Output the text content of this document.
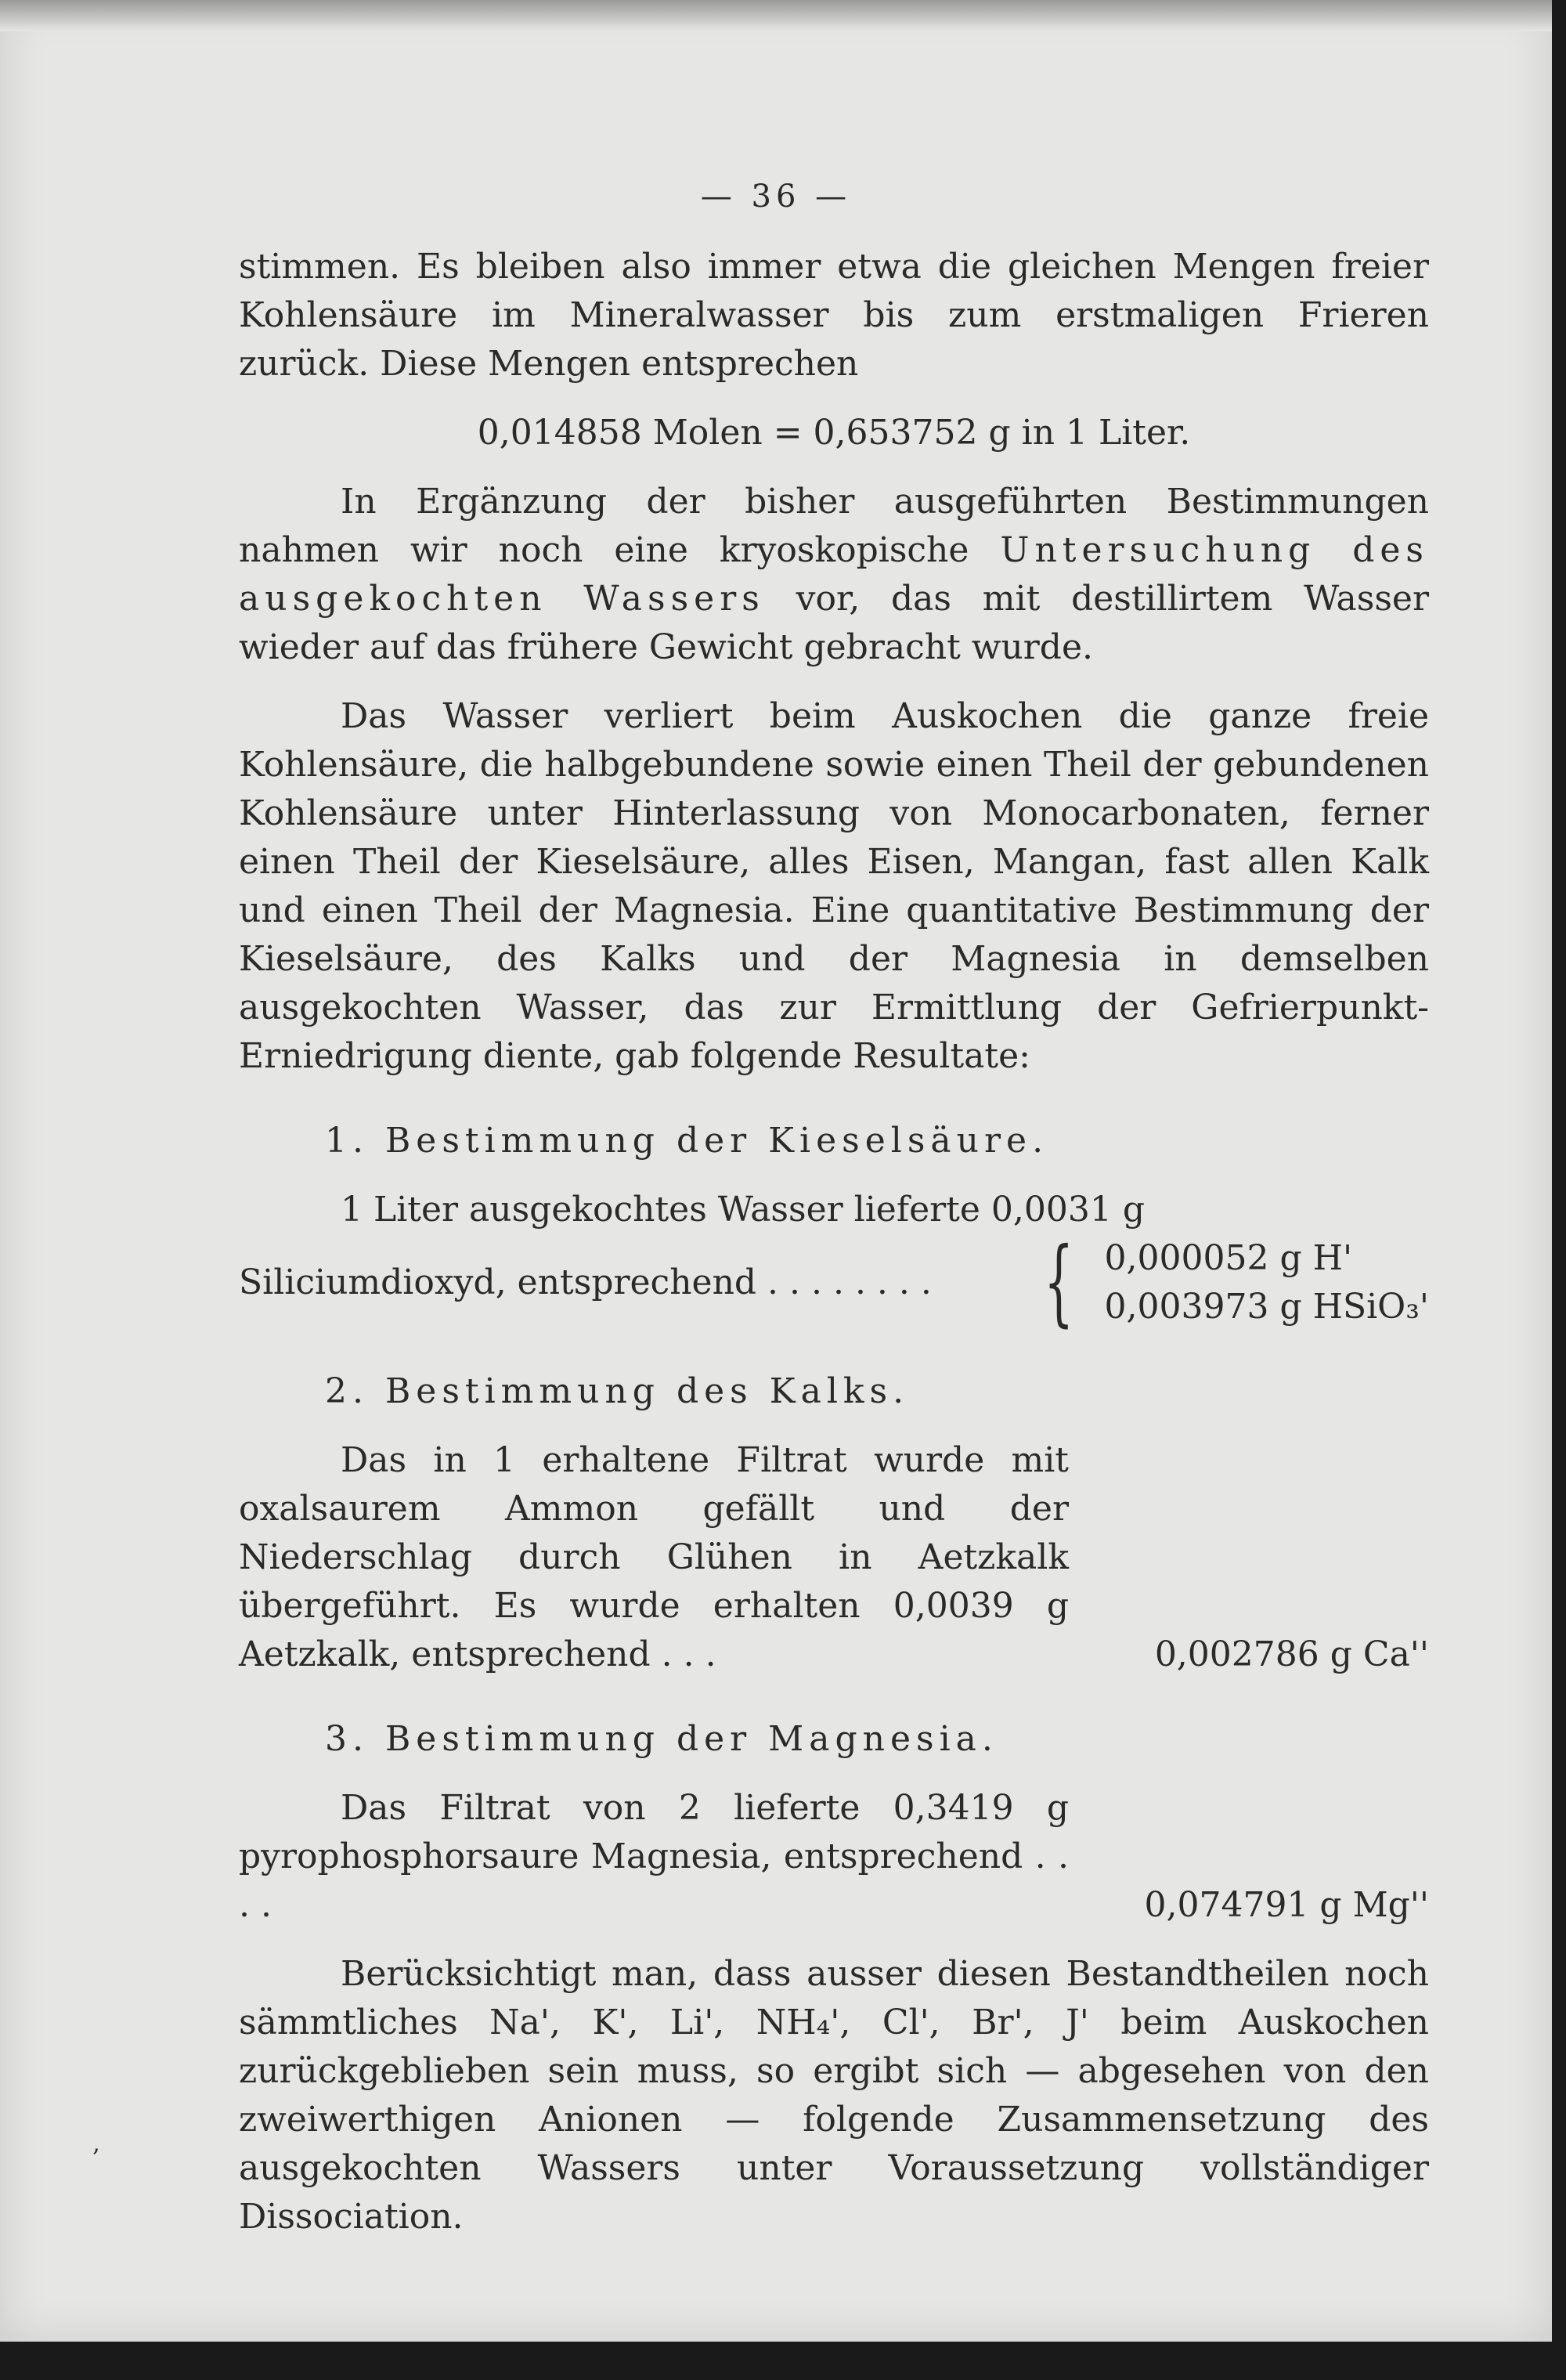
— 36 —

stimmen. Es bleiben also immer etwa die gleichen Mengen freier Kohlensäure im Mineralwasser bis zum erstmaligen Frieren zurück. Diese Mengen entsprechen

0,014858 Molen = 0,653752 g in 1 Liter.

In Ergänzung der bisher ausgeführten Bestimmungen nahmen wir noch eine kryoskopische Untersuchung des ausgekochten Wassers vor, das mit destillirtem Wasser wieder auf das frühere Gewicht gebracht wurde.

Das Wasser verliert beim Auskochen die ganze freie Kohlensäure, die halbgebundene sowie einen Theil der gebundenen Kohlensäure unter Hinterlassung von Monocarbonaten, ferner einen Theil der Kieselsäure, alles Eisen, Mangan, fast allen Kalk und einen Theil der Magnesia. Eine quantitative Bestimmung der Kieselsäure, des Kalks und der Magnesia in demselben ausgekochten Wasser, das zur Ermittlung der Gefrierpunkt-Erniedrigung diente, gab folgende Resultate:

1. Bestimmung der Kieselsäure.

1 Liter ausgekochtes Wasser lieferte 0,0031 g

Siliciumdioxyd, entsprechend . . . . . . . .	{ 0,000052 g H'
0,003973 g HSiO₃'

2. Bestimmung des Kalks.

Das in 1 erhaltene Filtrat wurde mit oxalsaurem Ammon gefällt und der Niederschlag durch Glühen in Aetzkalk übergeführt. Es wurde erhalten 0,0039 g Aetzkalk, entsprechend . . .	0,002786 g Ca''

3. Bestimmung der Magnesia.

Das Filtrat von 2 lieferte 0,3419 g pyrophosphorsaure Magnesia, entsprechend . . . .	0,074791 g Mg''

Berücksichtigt man, dass ausser diesen Bestandtheilen noch sämmtliches Na', K', Li', NH₄', Cl', Br', J' beim Auskochen zurückgeblieben sein muss, so ergibt sich — abgesehen von den zweiwerthigen Anionen — folgende Zusammensetzung des ausgekochten Wassers unter Voraussetzung vollständiger Dissociation.

‚
